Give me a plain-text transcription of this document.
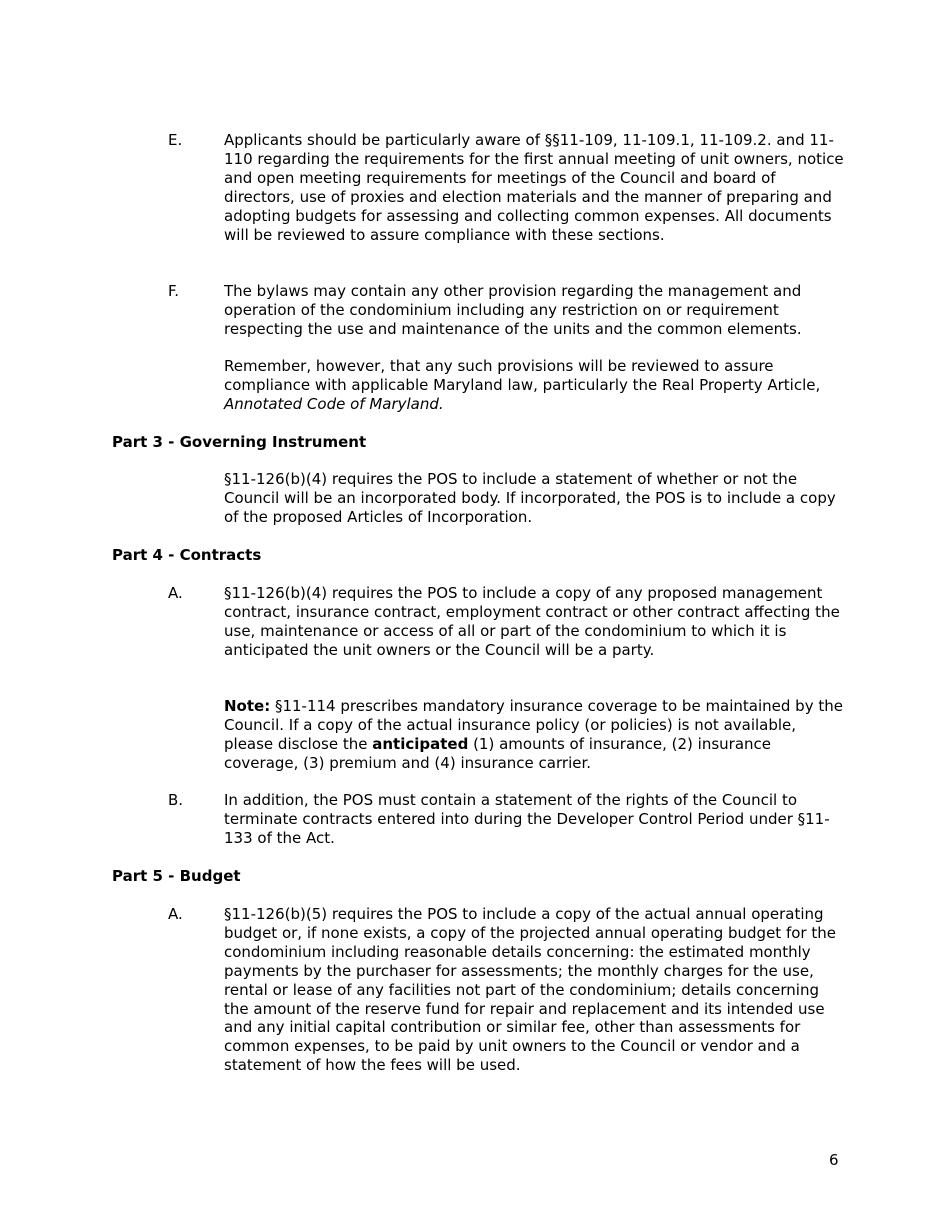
E.	Applicants should be particularly aware of §§11-109, 11-109.1, 11-109.2. and 11-110 regarding the requirements for the first annual meeting of unit owners, notice and open meeting requirements for meetings of the Council and board of directors, use of proxies and election materials and the manner of preparing and adopting budgets for assessing and collecting common expenses. All documents will be reviewed to assure compliance with these sections.

F.	The bylaws may contain any other provision regarding the management and operation of the condominium including any restriction on or requirement respecting the use and maintenance of the units and the common elements.

Remember, however, that any such provisions will be reviewed to assure compliance with applicable Maryland law, particularly the Real Property Article, Annotated Code of Maryland.

Part 3 - Governing Instrument

§11-126(b)(4) requires the POS to include a statement of whether or not the Council will be an incorporated body. If incorporated, the POS is to include a copy of the proposed Articles of Incorporation.

Part 4 - Contracts
A.	§11-126(b)(4) requires the POS to include a copy of any proposed management contract, insurance contract, employment contract or other contract affecting the use, maintenance or access of all or part of the condominium to which it is anticipated the unit owners or the Council will be a party.

Note: §11-114 prescribes mandatory insurance coverage to be maintained by the Council. If a copy of the actual insurance policy (or policies) is not available, please disclose the anticipated (1) amounts of insurance, (2) insurance coverage, (3) premium and (4) insurance carrier.

B.	In addition, the POS must contain a statement of the rights of the Council to terminate contracts entered into during the Developer Control Period under §11-133 of the Act.

Part 5 - Budget
A.	§11-126(b)(5) requires the POS to include a copy of the actual annual operating budget or, if none exists, a copy of the projected annual operating budget for the condominium including reasonable details concerning: the estimated monthly payments by the purchaser for assessments; the monthly charges for the use, rental or lease of any facilities not part of the condominium; details concerning the amount of the reserve fund for repair and replacement and its intended use and any initial capital contribution or similar fee, other than assessments for common expenses, to be paid by unit owners to the Council or vendor and a statement of how the fees will be used.

6
